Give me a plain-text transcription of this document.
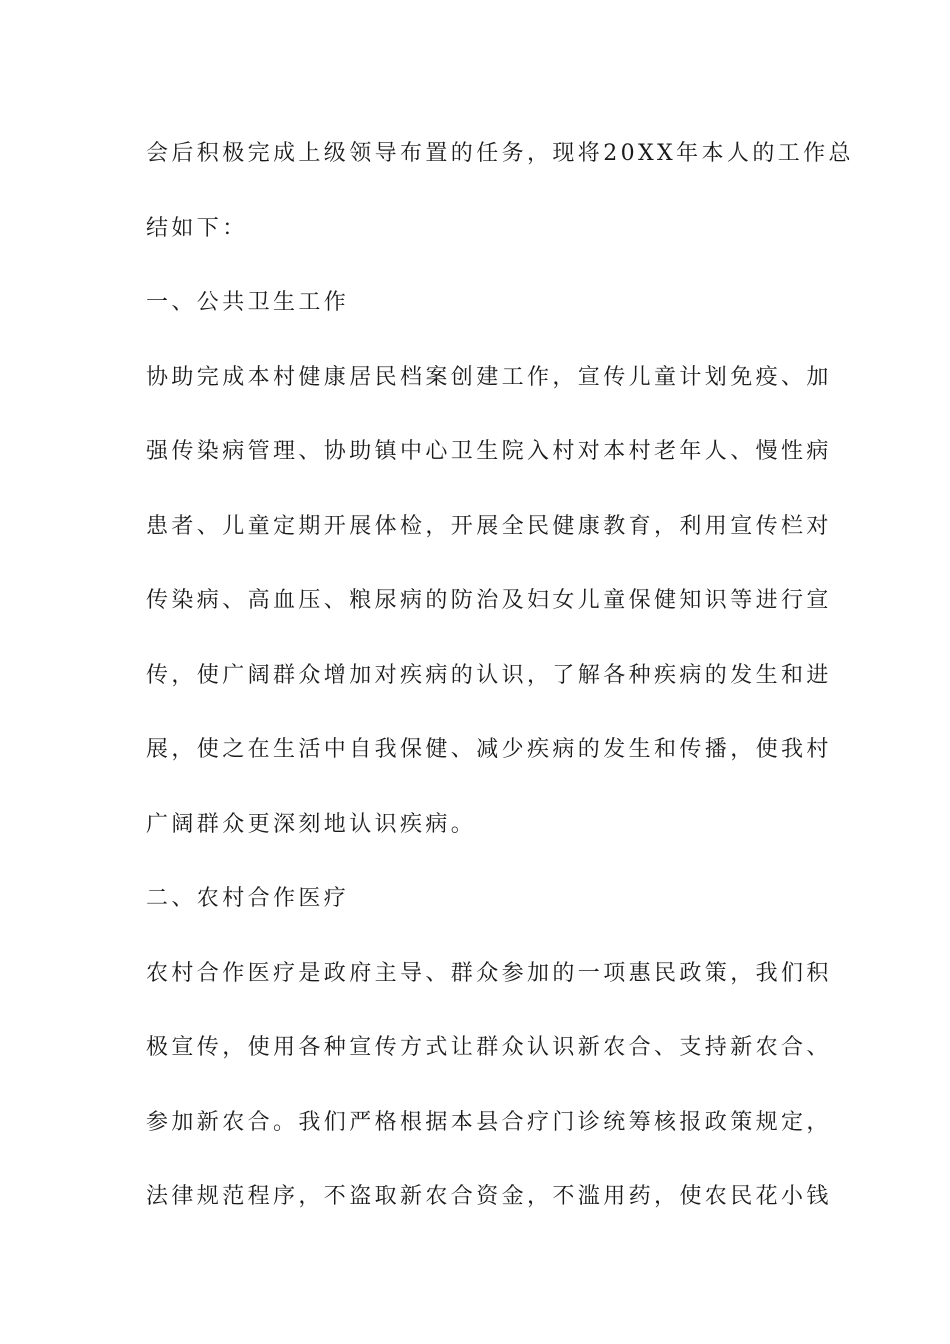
会后积极完成上级领导布置的任务，现将20XX年本人的工作总
结如下：
一、公共卫生工作
协助完成本村健康居民档案创建工作，宣传儿童计划免疫、加
强传染病管理、协助镇中心卫生院入村对本村老年人、慢性病
患者、儿童定期开展体检，开展全民健康教育，利用宣传栏对
传染病、高血压、粮尿病的防治及妇女儿童保健知识等进行宣
传，使广阔群众增加对疾病的认识，了解各种疾病的发生和进
展，使之在生活中自我保健、减少疾病的发生和传播，使我村
广阔群众更深刻地认识疾病。
二、农村合作医疗
农村合作医疗是政府主导、群众参加的一项惠民政策，我们积
极宣传，使用各种宣传方式让群众认识新农合、支持新农合、
参加新农合。我们严格根据本县合疗门诊统筹核报政策规定，
法律规范程序，不盗取新农合资金，不滥用药，使农民花小钱
